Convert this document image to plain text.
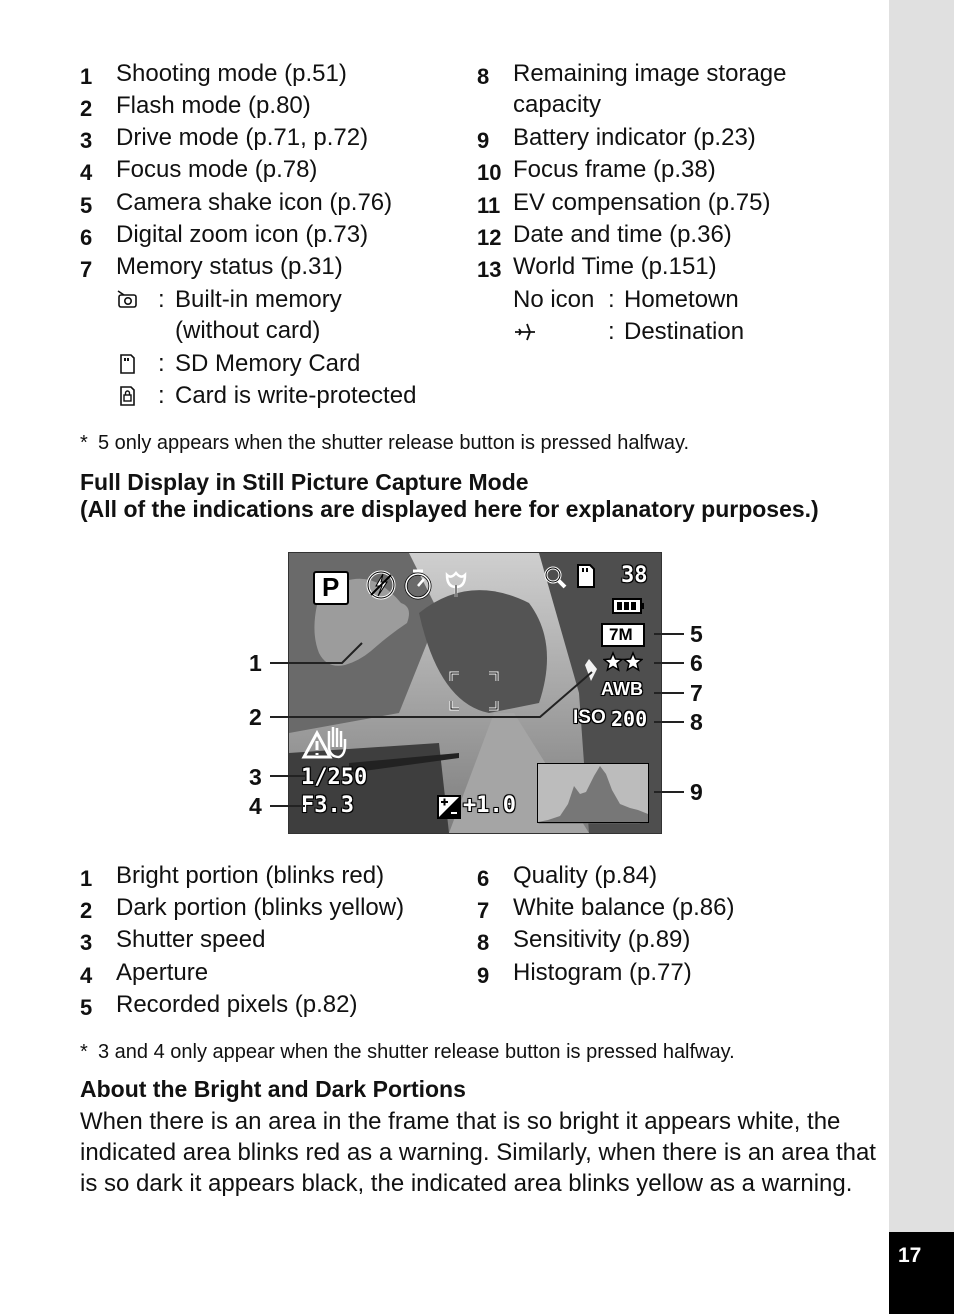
17
1 Shooting mode (p.51)
2 Flash mode (p.80)
3 Drive mode (p.71, p.72)
4 Focus mode (p.78)
5 Camera shake icon (p.76)
6 Digital zoom icon (p.73)
7 Memory status (p.31)
: Built-in memory
(without card)
: SD Memory Card
: Card is write-protected
8 Remaining image storage
capacity
9 Battery indicator (p.23)
10 Focus frame (p.38)
11 EV compensation (p.75)
12 Date and time (p.36)
13 World Time (p.151)
No icon : Hometown
: Destination
* 5 only appears when the shutter release button is pressed halfway.
Full Display in Still Picture Capture Mode
(All of the indications are displayed here for explanatory purposes.)
P	38
7M
AWB
ISO 200
1/250
F3.3	+1.0
1
2
3
4
5
6
7
8
9
1 Bright portion (blinks red)
2 Dark portion (blinks yellow)
3 Shutter speed
4 Aperture
5 Recorded pixels (p.82)
6 Quality (p.84)
7 White balance (p.86)
8 Sensitivity (p.89)
9 Histogram (p.77)
* 3 and 4 only appear when the shutter release button is pressed halfway.
About the Bright and Dark Portions

When there is an area in the frame that is so bright it appears white, the indicated area blinks red as a warning. Similarly, when there is an area that is so dark it appears black, the indicated area blinks yellow as a warning.
